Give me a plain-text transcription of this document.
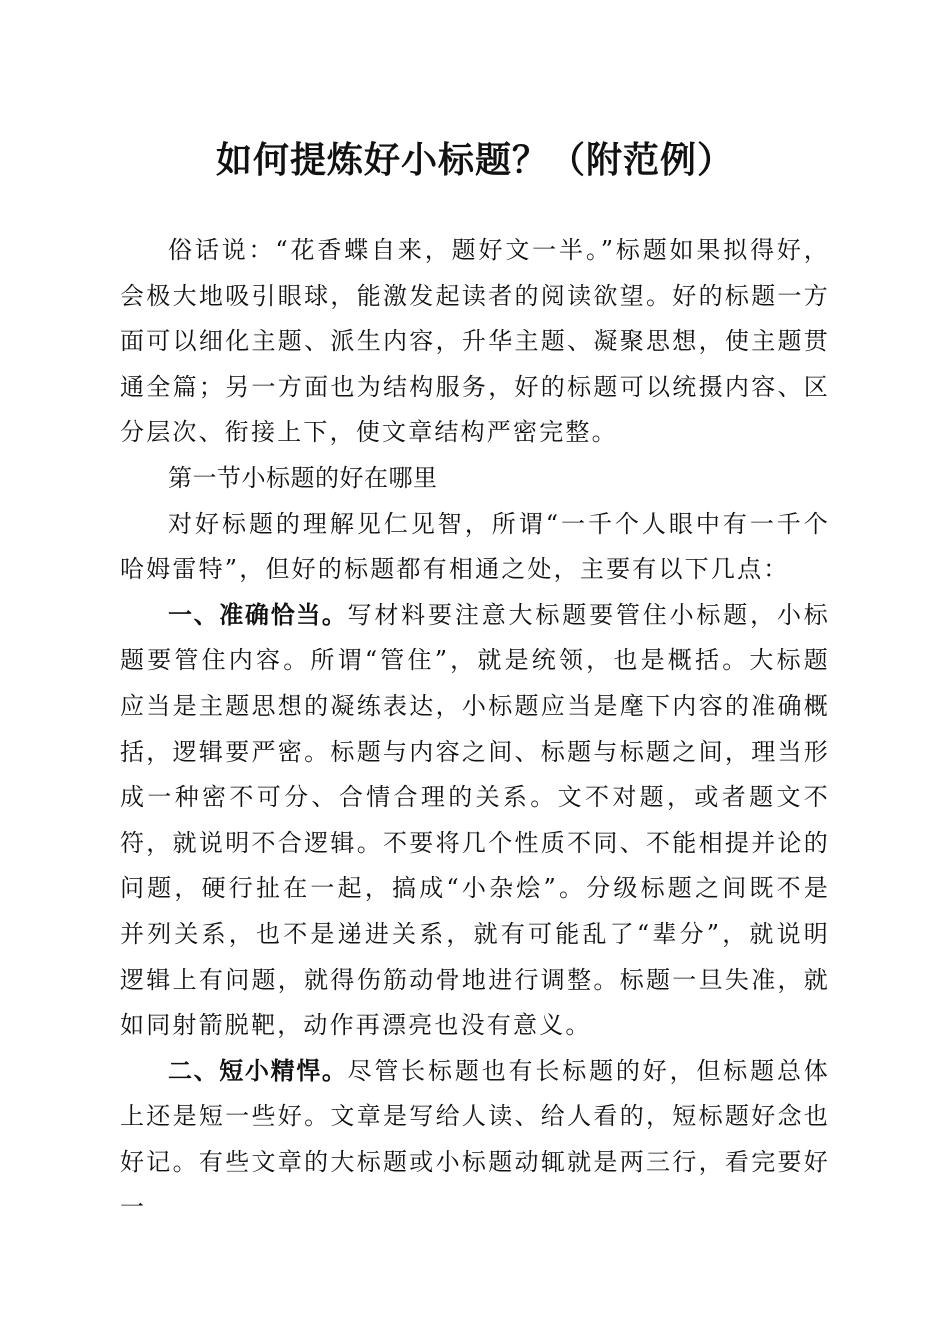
如何提炼好小标题？（附范例）

俗话说：“花香蝶自来，题好文一半。”标题如果拟得好，会极大地吸引眼球，能激发起读者的阅读欲望。好的标题一方面可以细化主题、派生内容，升华主题、凝聚思想，使主题贯通全篇；另一方面也为结构服务，好的标题可以统摄内容、区分层次、衔接上下，使文章结构严密完整。

第一节小标题的好在哪里

对好标题的理解见仁见智，所谓“一千个人眼中有一千个哈姆雷特”，但好的标题都有相通之处，主要有以下几点：

一、准确恰当。写材料要注意大标题要管住小标题，小标题要管住内容。所谓“管住”，就是统领，也是概括。大标题应当是主题思想的凝练表达，小标题应当是麾下内容的准确概括，逻辑要严密。标题与内容之间、标题与标题之间，理当形成一种密不可分、合情合理的关系。文不对题，或者题文不符，就说明不合逻辑。不要将几个性质不同、不能相提并论的问题，硬行扯在一起，搞成“小杂烩”。分级标题之间既不是并列关系，也不是递进关系，就有可能乱了“辈分”，就说明逻辑上有问题，就得伤筋动骨地进行调整。标题一旦失准，就如同射箭脱靶，动作再漂亮也没有意义。

二、短小精悍。尽管长标题也有长标题的好，但标题总体上还是短一些好。文章是写给人读、给人看的，短标题好念也好记。有些文章的大标题或小标题动辄就是两三行，看完要好一
